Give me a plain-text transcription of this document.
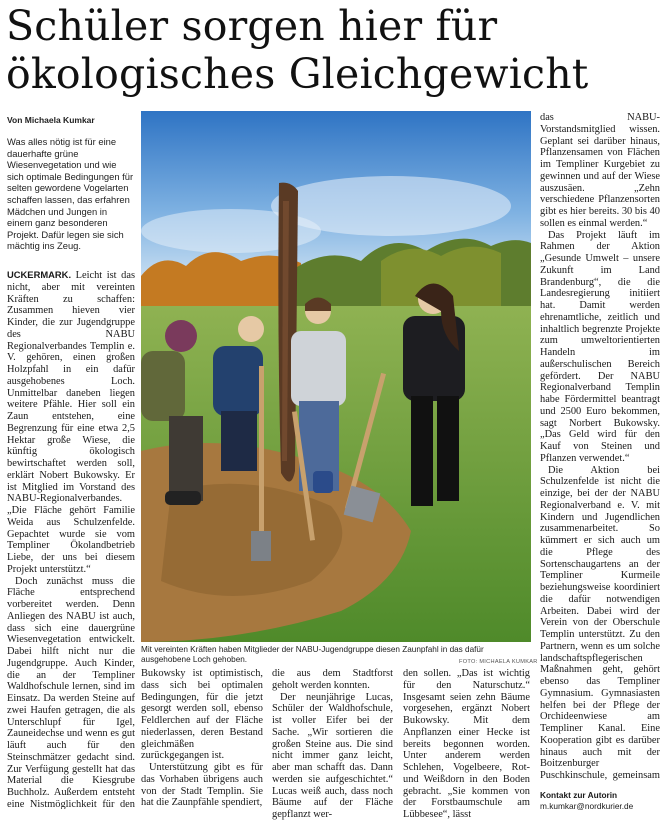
Schüler sorgen hier für
ökologisches Gleichgewicht
Von Michaela Kumkar
Was alles nötig ist für eine dauerhafte grüne Wiesenvegetation und wie sich optimale Bedingungen für selten gewordene Vogelarten schaffen lassen, das erfahren Mädchen und Jungen in einem ganz besonderen Projekt. Dafür legen sie sich mächtig ins Zeug.

UCKERMARK. Leicht ist das nicht, aber mit vereinten Kräften zu schaffen: Zusammen hieven vier Kinder, die zur Jugendgruppe des NABU Regionalverbandes Templin e. V. gehören, einen großen Holzpfahl in ein dafür ausgehobenes Loch. Unmittelbar daneben liegen weitere Pfähle. Hier soll ein Zaun entstehen, eine Begrenzung für eine etwa 2,5 Hektar große Wiese, die künftig ökologisch bewirtschaftet werden soll, erklärt Nobert Bukowsky. Er ist Mitglied im Vorstand des NABU-Regionalverbandes. „Die Fläche gehört Familie Weida aus Schulzenfelde. Gepachtet wurde sie vom Templiner Ökolandbetrieb Liebe, der uns bei diesem Projekt unterstützt.“

Doch zunächst muss die Fläche entsprechend vorbereitet werden. Denn Anliegen des NABU ist auch, dass sich eine dauergrüne Wiesenvegetation entwickelt. Dabei hilft nicht nur die Jugendgruppe. Auch Kinder, die an der Templiner Waldhofschule lernen, sind im Einsatz. Da werden Steine auf zwei Haufen getragen, die als Unterschlupf für Igel, Zauneidechse und wenn es gut läuft auch für den Steinschmätzer gedacht sind. Zur Verfügung gestellt hat das Material die Kiesgrube Buchholz. Außerdem entsteht eine Nistmöglichkeit für den

Mit vereinten Kräften haben Mitglieder der NABU-Jugendgruppe diesen Zaunpfahl in das dafür ausgehobene Loch gehoben.	FOTO: MICHAELA KUMKAR

Bukowsky ist optimistisch, dass sich bei optimalen Bedingungen, für die jetzt gesorgt werden soll, ebenso Feldlerchen auf der Fläche niederlassen, deren Bestand gleichmäßen zurückgegangen ist.

Unterstützung gibt es für das Vorhaben übrigens auch von der Stadt Templin. Sie hat die Zaunpfähle spendiert,

die aus dem Stadtforst geholt werden konnten.

Der neunjährige Lucas, Schüler der Waldhofschule, ist voller Eifer bei der Sache. „Wir sortieren die großen Steine aus. Die sind nicht immer ganz leicht, aber man schafft das. Dann werden sie aufgeschichtet.“ Lucas weiß auch, dass noch Bäume auf der Fläche gepflanzt wer-

den sollen. „Das ist wichtig für den Naturschutz.“ Insgesamt seien zehn Bäume vorgesehen, ergänzt Nobert Bukowsky. Mit dem Anpflanzen einer Hecke ist bereits begonnen worden. Unter anderem werden Schlehen, Vogelbeere, Rot- und Weißdorn in den Boden gebracht. „Sie kommen von der Forstbaumschule am Lübbesee“, lässt

das NABU-Vorstandsmitglied wissen. Geplant sei darüber hinaus, Pflanzensamen von Flächen im Templiner Kurgebiet zu gewinnen und auf der Wiese auszusäen. „Zehn verschiedene Pflanzensorten gibt es hier bereits. 30 bis 40 sollen es einmal werden.“

Das Projekt läuft im Rahmen der Aktion „Gesunde Umwelt – unsere Zukunft im Land Brandenburg“, die die Landesregierung initiiert hat. Damit werden ehrenamtliche, zeitlich und inhaltlich begrenzte Projekte zum umweltorientierten Handeln im außerschulischen Bereich gefördert. Der NABU Regionalverband Templin habe Fördermittel beantragt und 2500 Euro bekommen, sagt Norbert Bukowsky. „Das Geld wird für den Kauf von Steinen und Pflanzen verwendet.“

Die Aktion bei Schulzenfelde ist nicht die einzige, bei der der NABU Regionalverband e. V. mit Kindern und Jugendlichen zusammenarbeitet. So kümmert er sich auch um die Pflege des Sortenschaugartens an der Templiner Kurmeile beziehungsweise koordiniert die dafür notwendigen Arbeiten. Dabei wird der Verein von der Oberschule Templin unterstützt. Zu den Partnern, wenn es um solche landschaftspflegerischen Maßnahmen geht, gehört ebenso das Templiner Gymnasium. Gymnasiasten helfen bei der Pflege der Orchideenwiese am Templiner Kanal. Eine Kooperation gibt es darüber hinaus auch mit der Boitzenburger Puschkinschule, gemeinsam

Kontakt zur Autorin
m.kumkar@nordkurier.de
